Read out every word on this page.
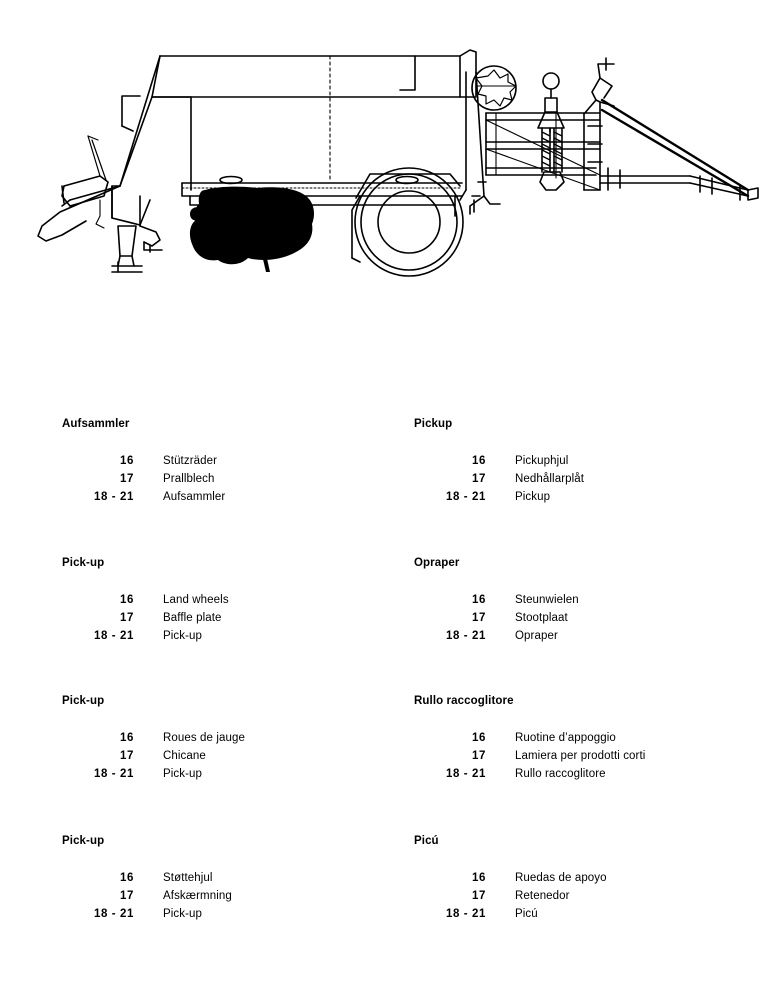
Aufsammler
16	Stützräder
17	Prallblech
18 - 21	Aufsammler
Pick-up
16	Land wheels
17	Baffle plate
18 - 21	Pick-up
Pick-up
16	Roues de jauge
17	Chicane
18 - 21	Pick-up
Pick-up
16	Støttehjul
17	Afskærmning
18 - 21	Pick-up
Pickup
16	Pickuphjul
17	Nedhållarplåt
18 - 21	Pickup
Opraper
16	Steunwielen
17	Stootplaat
18 - 21	Opraper
Rullo raccoglitore
16	Ruotine d’appoggio
17	Lamiera per prodotti corti
18 - 21	Rullo raccoglitore
Picú
16	Ruedas de apoyo
17	Retenedor
18 - 21	Picú
